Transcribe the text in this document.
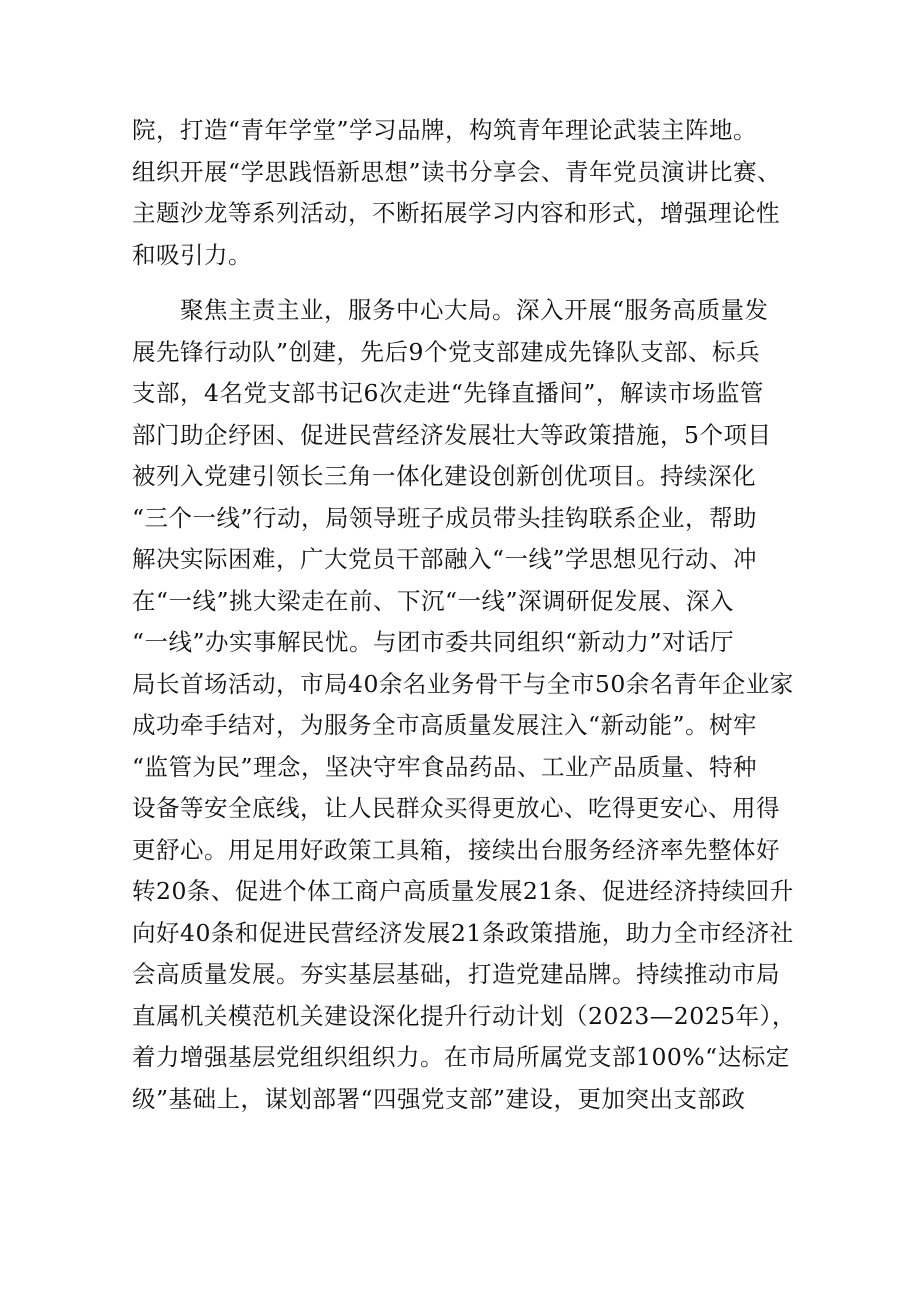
院，打造“青年学堂”学习品牌，构筑青年理论武装主阵地。
组织开展“学思践悟新思想”读书分享会、青年党员演讲比赛、
主题沙龙等系列活动，不断拓展学习内容和形式，增强理论性
和吸引力。
聚焦主责主业，服务中心大局。深入开展“服务高质量发
展先锋行动队”创建，先后9个党支部建成先锋队支部、标兵
支部，4名党支部书记6次走进“先锋直播间”，解读市场监管
部门助企纾困、促进民营经济发展壮大等政策措施，5个项目
被列入党建引领长三角一体化建设创新创优项目。持续深化
“三个一线”行动，局领导班子成员带头挂钩联系企业，帮助
解决实际困难，广大党员干部融入“一线”学思想见行动、冲
在“一线”挑大梁走在前、下沉“一线”深调研促发展、深入
“一线”办实事解民忧。与团市委共同组织“新动力”对话厅
局长首场活动，市局40余名业务骨干与全市50余名青年企业家
成功牵手结对，为服务全市高质量发展注入“新动能”。树牢
“监管为民”理念，坚决守牢食品药品、工业产品质量、特种
设备等安全底线，让人民群众买得更放心、吃得更安心、用得
更舒心。用足用好政策工具箱，接续出台服务经济率先整体好
转20条、促进个体工商户高质量发展21条、促进经济持续回升
向好40条和促进民营经济发展21条政策措施，助力全市经济社
会高质量发展。夯实基层基础，打造党建品牌。持续推动市局
直属机关模范机关建设深化提升行动计划（2023—2025年），
着力增强基层党组织组织力。在市局所属党支部100%“达标定
级”基础上，谋划部署“四强党支部”建设，更加突出支部政
